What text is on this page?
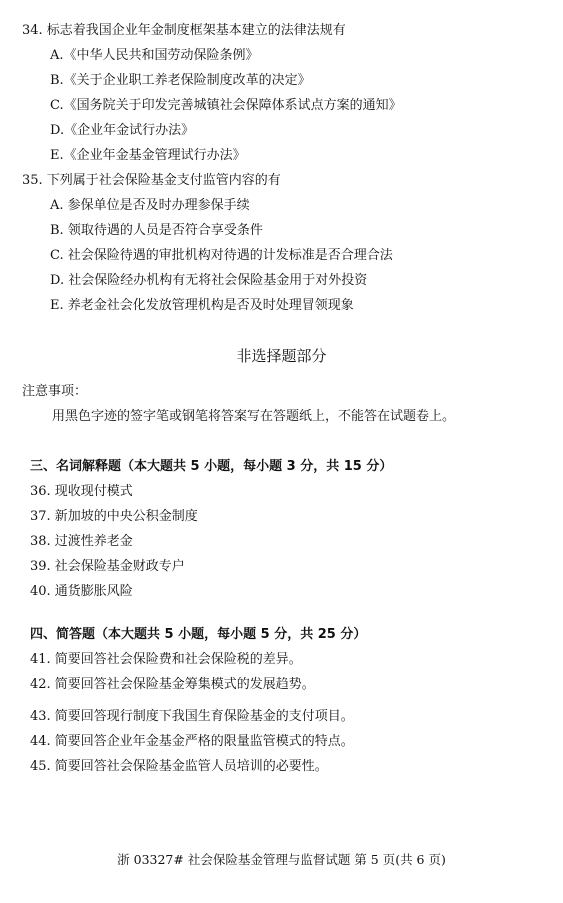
34. 标志着我国企业年金制度框架基本建立的法律法规有
A.《中华人民共和国劳动保险条例》
B.《关于企业职工养老保险制度改革的决定》
C.《国务院关于印发完善城镇社会保障体系试点方案的通知》
D.《企业年金试行办法》
E.《企业年金基金管理试行办法》
35. 下列属于社会保险基金支付监管内容的有
A. 参保单位是否及时办理参保手续
B. 领取待遇的人员是否符合享受条件
C. 社会保险待遇的审批机构对待遇的计发标准是否合理合法
D. 社会保险经办机构有无将社会保险基金用于对外投资
E. 养老金社会化发放管理机构是否及时处理冒领现象
非选择题部分
注意事项：
用黑色字迹的签字笔或钢笔将答案写在答题纸上，不能答在试题卷上。
三、名词解释题（本大题共 5 小题，每小题 3 分，共 15 分）
36. 现收现付模式
37. 新加坡的中央公积金制度
38. 过渡性养老金
39. 社会保险基金财政专户
40. 通货膨胀风险
四、简答题（本大题共 5 小题，每小题 5 分，共 25 分）
41. 简要回答社会保险费和社会保险税的差异。
42. 简要回答社会保险基金筹集模式的发展趋势。
43. 简要回答现行制度下我国生育保险基金的支付项目。
44. 简要回答企业年金基金严格的限量监管模式的特点。
45. 简要回答社会保险基金监管人员培训的必要性。
浙 03327# 社会保险基金管理与监督试题 第 5 页(共 6 页)
